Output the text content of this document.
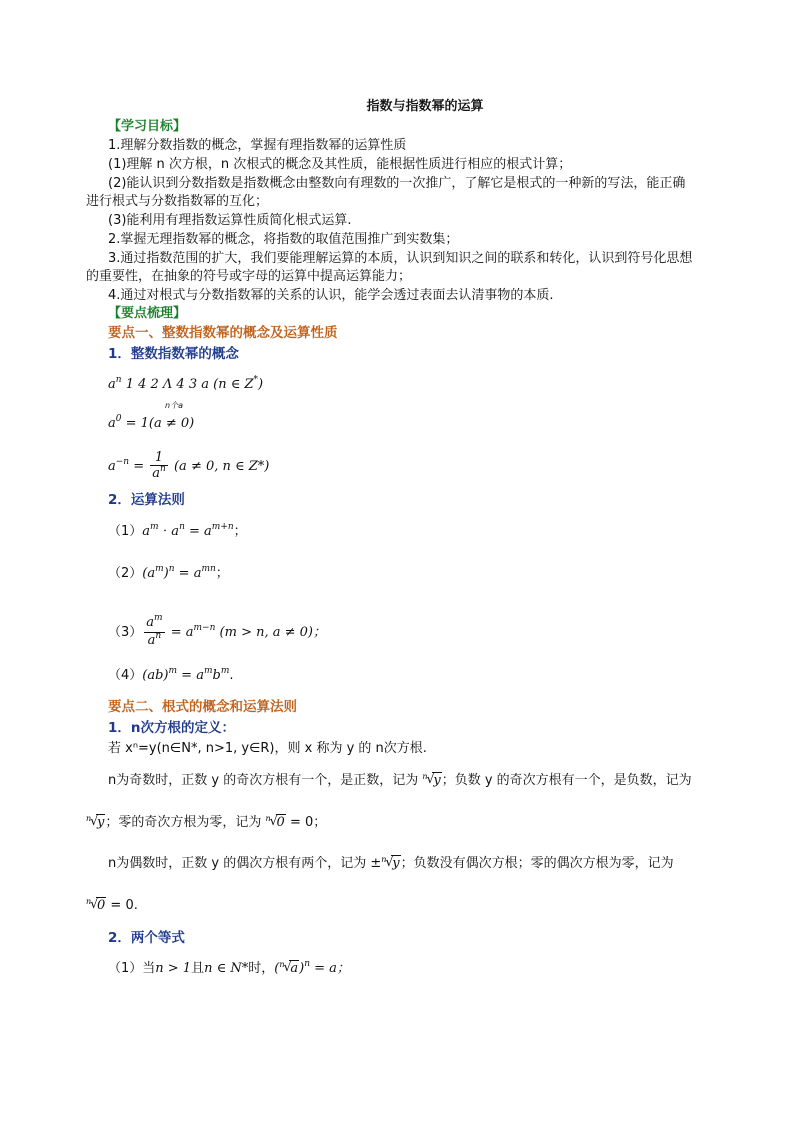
指数与指数幂的运算
【学习目标】
1.理解分数指数的概念，掌握有理指数幂的运算性质
(1)理解 n 次方根，n 次根式的概念及其性质，能根据性质进行相应的根式计算；
(2)能认识到分数指数是指数概念由整数向有理数的一次推广，了解它是根式的一种新的写法，能正确
进行根式与分数指数幂的互化；
(3)能利用有理指数运算性质简化根式运算.
2.掌握无理指数幂的概念，将指数的取值范围推广到实数集；
3.通过指数范围的扩大，我们要能理解运算的本质，认识到知识之间的联系和转化，认识到符号化思想
的重要性，在抽象的符号或字母的运算中提高运算能力；
4.通过对根式与分数指数幂的关系的认识，能学会透过表面去认清事物的本质.
【要点梳理】
要点一、整数指数幂的概念及运算性质
1．整数指数幂的概念
$a^n$ 1 4 2 Λ 4 3 a (n ∈ Z*)
n个a
$a^0 = 1(a \ne 0)$
$a^{-n} = \frac{1}{a^n} (a \ne 0$, n ∈ Z*)
2．运算法则
$(1)a^m \cdot a^n = a^{m+n}$；
$(2)(a^m)^n = a^{mn}$；
$(3) \frac{a^m}{a^n} = a^{m-n}$ (m > n, a ≠ 0)；
$(4)(ab)^m = a^mb^m$.
要点二、根式的概念和运算法则
1．n次方根的定义：
若 xⁿ=y(n∈N*, n>1, y∈R)，则 x 称为 y 的 n次方根.
n为奇数时，正数 y 的奇次方根有一个，是正数，记为 n
√
y；负数 y 的奇次方根有一个，是负数，记为
n
√
y；零的奇次方根为零，记为 n
√
0 = 0；
n为偶数时，正数 y 的偶次方根有两个，记为 ± n
√
y；负数没有偶次方根；零的偶次方根为零，记为
n
√
0 = 0.
2．两个等式
（1）当n > 1且n ∈ N*时，( n
√
a)$^n$ = a；
